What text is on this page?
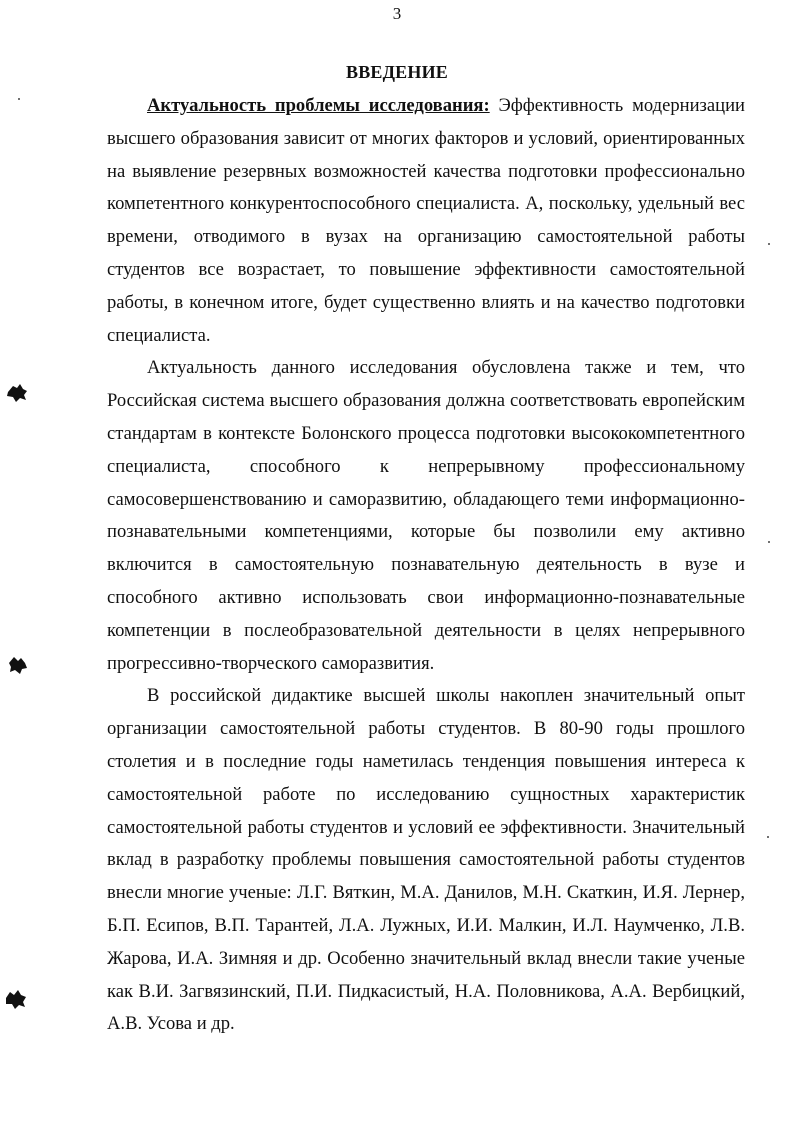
3
ВВЕДЕНИЕ

Актуальность проблемы исследования: Эффективность модернизации высшего образования зависит от многих факторов и условий, ориентированных на выявление резервных возможностей качества подготовки профессионально компетентного конкурентоспособного специалиста. А, поскольку, удельный вес времени, отводимого в вузах на организацию самостоятельной работы студентов все возрастает, то повышение эффективности самостоятельной работы, в конечном итоге, будет существенно влиять и на качество подготовки специалиста.

Актуальность данного исследования обусловлена также и тем, что Российская система высшего образования должна соответствовать европейским стандартам в контексте Болонского процесса подготовки высококомпетентного специалиста, способного к непрерывному профессиональному самосовершенствованию и саморазвитию, обладающего теми информационно-познавательными компетенциями, которые бы позволили ему активно включится в самостоятельную познавательную деятельность в вузе и способного активно использовать свои информационно-познавательные компетенции в послеобразовательной деятельности в целях непрерывного прогрессивно-творческого саморазвития.

В российской дидактике высшей школы накоплен значительный опыт организации самостоятельной работы студентов. В 80-90 годы прошлого столетия и в последние годы наметилась тенденция повышения интереса к самостоятельной работе по исследованию сущностных характеристик самостоятельной работы студентов и условий ее эффективности. Значительный вклад в разработку проблемы повышения самостоятельной работы студентов внесли многие ученые: Л.Г. Вяткин, М.А. Данилов, М.Н. Скаткин, И.Я. Лернер, Б.П. Есипов, В.П. Тарантей, Л.А. Лужных, И.И. Малкин, И.Л. Наумченко, Л.В. Жарова, И.А. Зимняя и др. Особенно значительный вклад внесли такие ученые как В.И. Загвязинский, П.И. Пидкасистый, Н.А. Половникова, А.А. Вербицкий, А.В. Усова и др.
